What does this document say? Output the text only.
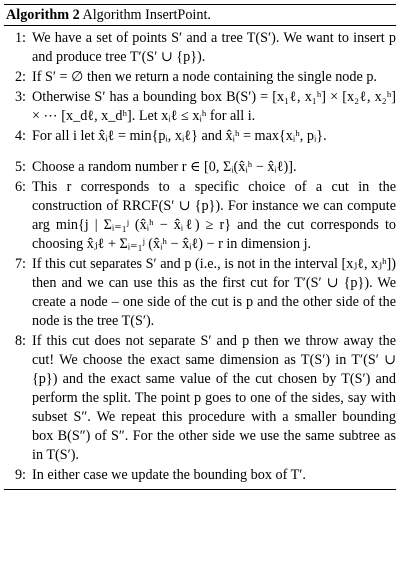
Algorithm 2 Algorithm InsertPoint.
1: We have a set of points S′ and a tree T(S′). We want to insert p and produce tree T′(S′ ∪ {p}).
2: If S′ = ∅ then we return a node containing the single node p.
3: Otherwise S′ has a bounding box B(S′) = [x₁ℓ, x₁ʰ] × [x₂ℓ, x₂ʰ] × ⋯ [x_dℓ, x_dʰ]. Let xᵢℓ ≤ xᵢʰ for all i.
4: For all i let x̂ᵢℓ = min{pᵢ, xᵢℓ} and x̂ᵢʰ = max{xᵢʰ, pᵢ}.
5: Choose a random number r ∈ [0, Σᵢ(x̂ᵢʰ − x̂ᵢℓ)].
6: This r corresponds to a specific choice of a cut in the construction of RRCF(S′ ∪ {p}). For instance we can compute arg min{j | Σᵢ₌₁ʲ (x̂ᵢʰ − x̂ᵢℓ) ≥ r} and the cut corresponds to choosing x̂ⱼℓ + Σᵢ₌₁ʲ (x̂ᵢʰ − x̂ᵢℓ) − r in dimension j.
7: If this cut separates S′ and p (i.e., is not in the interval [xⱼℓ, xⱼʰ]) then and we can use this as the first cut for T′(S′ ∪ {p}). We create a node – one side of the cut is p and the other side of the node is the tree T(S′).
8: If this cut does not separate S′ and p then we throw away the cut! We choose the exact same dimension as T(S′) in T′(S′ ∪ {p}) and the exact same value of the cut chosen by T(S′) and perform the split. The point p goes to one of the sides, say with subset S″. We repeat this procedure with a smaller bounding box B(S″) of S″. For the other side we use the same subtree as in T(S′).
9: In either case we update the bounding box of T′.
